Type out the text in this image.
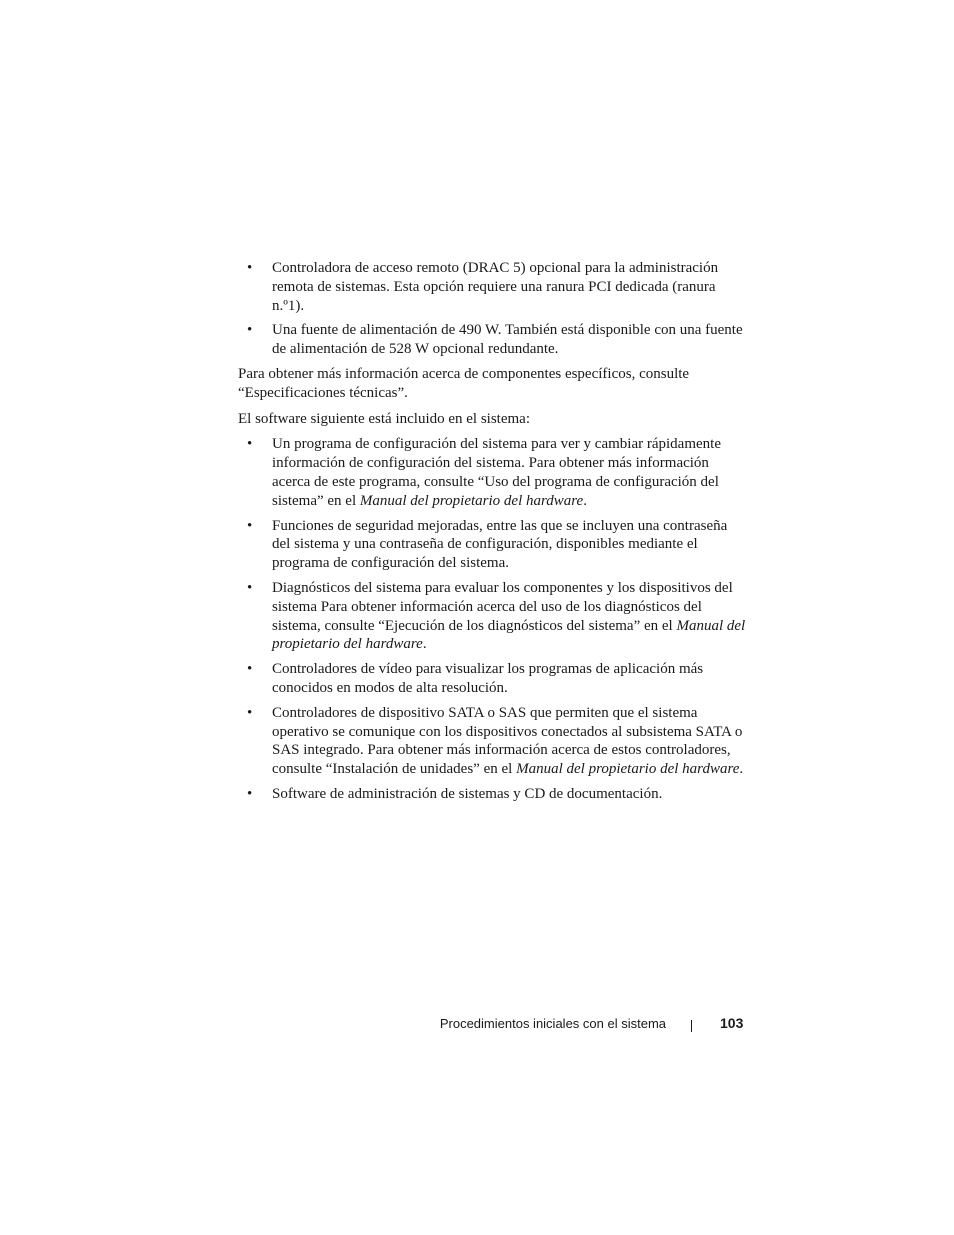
• Controladora de acceso remoto (DRAC 5) opcional para la administración remota de sistemas. Esta opción requiere una ranura PCI dedicada (ranura n.º1).
• Una fuente de alimentación de 490 W. También está disponible con una fuente de alimentación de 528 W opcional redundante.

Para obtener más información acerca de componentes específicos, consulte “Especificaciones técnicas”.

El software siguiente está incluido en el sistema:

• Un programa de configuración del sistema para ver y cambiar rápidamente información de configuración del sistema. Para obtener más información acerca de este programa, consulte “Uso del programa de configuración del sistema” en el Manual del propietario del hardware.
• Funciones de seguridad mejoradas, entre las que se incluyen una contraseña del sistema y una contraseña de configuración, disponibles mediante el programa de configuración del sistema.
• Diagnósticos del sistema para evaluar los componentes y los dispositivos del sistema Para obtener información acerca del uso de los diagnósticos del sistema, consulte “Ejecución de los diagnósticos del sistema” en el Manual del propietario del hardware.
• Controladores de vídeo para visualizar los programas de aplicación más conocidos en modos de alta resolución.
• Controladores de dispositivo SATA o SAS que permiten que el sistema operativo se comunique con los dispositivos conectados al subsistema SATA o SAS integrado. Para obtener más información acerca de estos controladores, consulte “Instalación de unidades” en el Manual del propietario del hardware.
• Software de administración de sistemas y CD de documentación.
Procedimientos iniciales con el sistema	103
